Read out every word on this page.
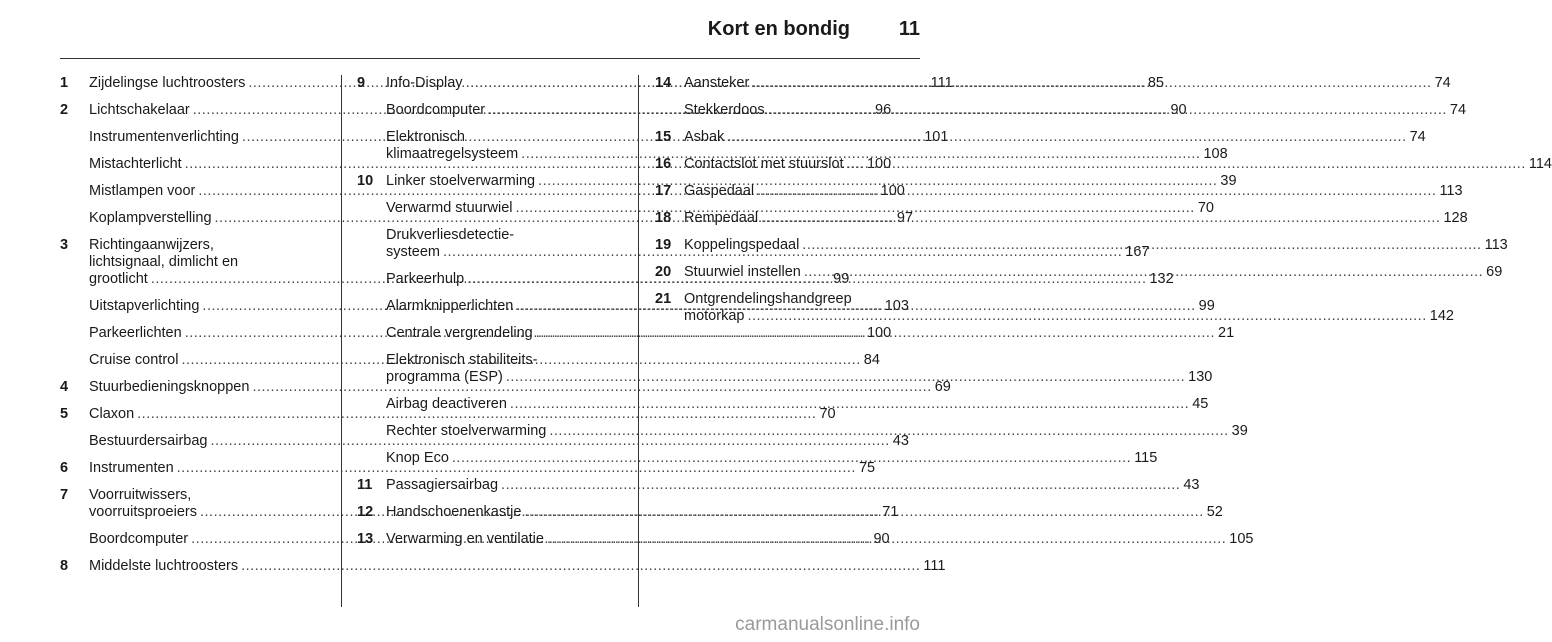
Kort en bondig 11
1	Zijdelingse luchtroosters .....	111
2	Lichtschakelaar .....	96
Instrumentenverlichting .....	101
Mistachterlicht .....	100
Mistlampen voor .....	100
Koplampverstelling .....	97
3	Richtingaanwijzers,
lichtsignaal, dimlicht en
grootlicht .....	99
Uitstapverlichting .....	103
Parkeerlichten .....	100
Cruise control .....	84
4	Stuurbedieningsknoppen .....	69
5	Claxon .....	70
Bestuurdersairbag .....	43
6	Instrumenten .....	75
7	Voorruitwissers,
voorruitsproeiers .....	71
Boordcomputer .....	90
8	Middelste luchtroosters .....	111
9	Info-Display .....	85
Boordcomputer .....	90
Elektronisch
klimaatregelsysteem .....	108
10 Linker stoelverwarming .....	39
Verwarmd stuurwiel .....	70
Drukverliesdetectie-
systeem .....	167
Parkeerhulp .....	132
Alarmknipperlichten .....	99
Centrale vergrendeling .....	21
Elektronisch stabiliteits-
programma (ESP) .....	130
Airbag deactiveren .....	45
Rechter stoelverwarming .....	39
Knop Eco .....	115
11 Passagiersairbag .....	43
12 Handschoenenkastje .....	52
13 Verwarming en ventilatie .....	105
14 Aansteker .....	74
Stekkerdoos .....	74
15 Asbak .....	74
16 Contactslot met stuurslot .....	114
17 Gaspedaal .....	113
18 Rempedaal .....	128
19 Koppelingspedaal .....	113
20 Stuurwiel instellen .....	69
21 Ontgrendelingshandgreep
motorkap .....	142
carmanualsonline.info
